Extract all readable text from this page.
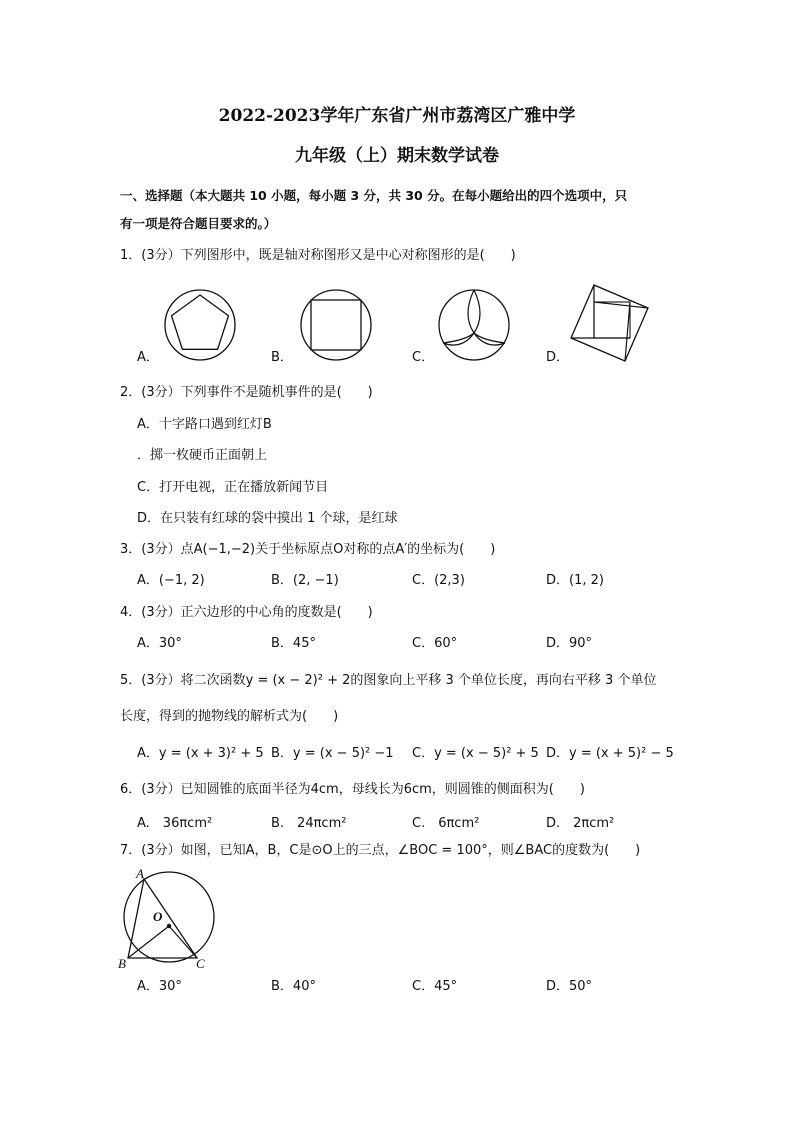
2022-2023学年广东省广州市荔湾区广雅中学
九年级（上）期末数学试卷
一、选择题（本大题共 10 小题，每小题 3 分，共 30 分。在每小题给出的四个选项中，只
有一项是符合题目要求的。）
1．(3分）下列图形中，既是轴对称图形又是中心对称图形的是(　　)
A．	B．	C．	D．
2．(3分）下列事件不是随机事件的是(　　)
A．十字路口遇到红灯B
．掷一枚硬币正面朝上
C．打开电视，正在播放新闻节目
D．在只装有红球的袋中摸出 1 个球，是红球
3．(3分）点A(−1,−2)关于坐标原点O对称的点A′的坐标为(　　)
A．(−1, 2)	B．(2, −1)	C．(2,3)	D．(1, 2)
4．(3分）正六边形的中心角的度数是(　　)
A．30°	B．45°	C．60°	D．90°
5．(3分）将二次函数y = (x − 2)² + 2的图象向上平移 3 个单位长度，再向右平移 3 个单位
长度，得到的抛物线的解析式为(　　)
A．y = (x + 3)² + 5 B．y = (x − 5)² −1 C．y = (x − 5)² + 5 D．y = (x + 5)² − 5
6．(3分）已知圆锥的底面半径为4cm，母线长为6cm，则圆锥的侧面积为(　　)
A.　36πcm²	B.　24πcm²	C.　6πcm²	D.　2πcm²
7．(3分）如图，已知A，B，C是⊙O上的三点，∠BOC = 100°，则∠BAC的度数为(　　)
A
O
B	C
A．30°	B．40°	C．45°	D．50°
